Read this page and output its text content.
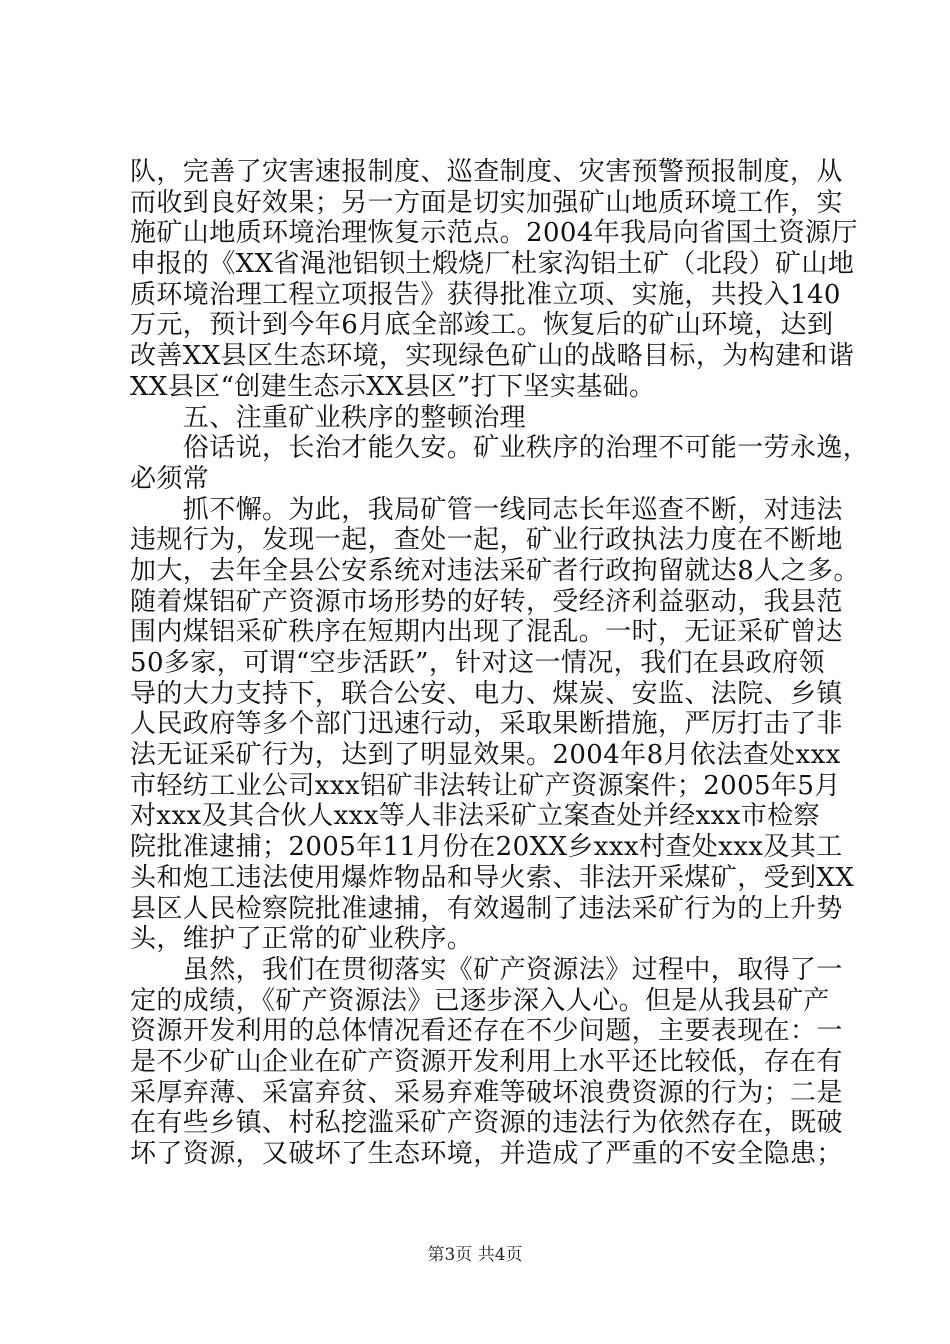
队，完善了灾害速报制度、巡查制度、灾害预警预报制度，从
而收到良好效果；另一方面是切实加强矿山地质环境工作，实
施矿山地质环境治理恢复示范点。2004年我局向省国土资源厅
申报的《XX省渑池铝钡土煅烧厂杜家沟铝土矿（北段）矿山地
质环境治理工程立项报告》获得批准立项、实施，共投入140
万元，预计到今年6月底全部竣工。恢复后的矿山环境，达到
改善XX县区生态环境，实现绿色矿山的战略目标，为构建和谐
XX县区“创建生态示XX县区”打下坚实基础。
　　五、注重矿业秩序的整顿治理
　　俗话说，长治才能久安。矿业秩序的治理不可能一劳永逸，
必须常
　　抓不懈。为此，我局矿管一线同志长年巡查不断，对违法
违规行为，发现一起，查处一起，矿业行政执法力度在不断地
加大，去年全县公安系统对违法采矿者行政拘留就达8人之多。
随着煤铝矿产资源市场形势的好转，受经济利益驱动，我县范
围内煤铝采矿秩序在短期内出现了混乱。一时，无证采矿曾达
50多家，可谓“空步活跃”，针对这一情况，我们在县政府领
导的大力支持下，联合公安、电力、煤炭、安监、法院、乡镇
人民政府等多个部门迅速行动，采取果断措施，严厉打击了非
法无证采矿行为，达到了明显效果。2004年8月依法查处xxx
市轻纺工业公司xxx铝矿非法转让矿产资源案件；2005年5月
对xxx及其合伙人xxx等人非法采矿立案查处并经xxx市检察
院批准逮捕；2005年11月份在20XX乡xxx村查处xxx及其工
头和炮工违法使用爆炸物品和导火索、非法开采煤矿，受到XX
县区人民检察院批准逮捕，有效遏制了违法采矿行为的上升势
头，维护了正常的矿业秩序。
　　虽然，我们在贯彻落实《矿产资源法》过程中，取得了一
定的成绩，《矿产资源法》已逐步深入人心。但是从我县矿产
资源开发利用的总体情况看还存在不少问题，主要表现在：一
是不少矿山企业在矿产资源开发利用上水平还比较低，存在有
采厚弃薄、采富弃贫、采易弃难等破坏浪费资源的行为；二是
在有些乡镇、村私挖滥采矿产资源的违法行为依然存在，既破
坏了资源，又破坏了生态环境，并造成了严重的不安全隐患；
第3页 共4页
